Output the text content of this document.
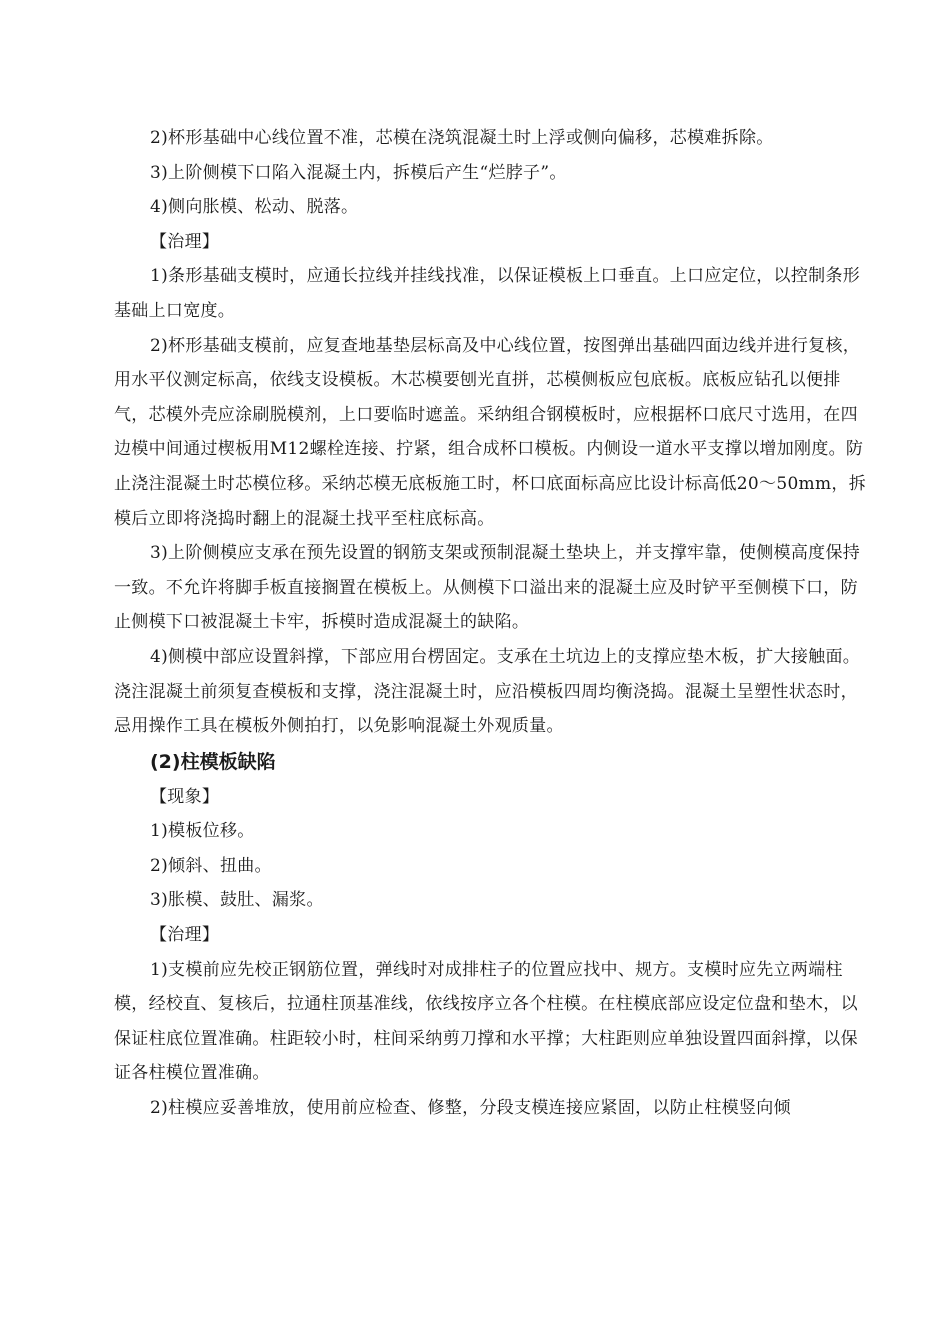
2)杯形基础中心线位置不准，芯模在浇筑混凝土时上浮或侧向偏移，芯模难拆除。

3)上阶侧模下口陷入混凝土内，拆模后产生“烂脖子”。

4)侧向胀模、松动、脱落。

【治理】

1)条形基础支模时，应通长拉线并挂线找准，以保证模板上口垂直。上口应定位，以控制条形基础上口宽度。

2)杯形基础支模前，应复查地基垫层标高及中心线位置，按图弹出基础四面边线并进行复核，用水平仪测定标高，依线支设模板。木芯模要刨光直拼，芯模侧板应包底板。底板应钻孔以便排气，芯模外壳应涂刷脱模剂，上口要临时遮盖。采纳组合钢模板时，应根据杯口底尺寸选用，在四边模中间通过楔板用M12螺栓连接、拧紧，组合成杯口模板。内侧设一道水平支撑以增加刚度。防止浇注混凝土时芯模位移。采纳芯模无底板施工时，杯口底面标高应比设计标高低20～50mm，拆模后立即将浇捣时翻上的混凝土找平至柱底标高。

3)上阶侧模应支承在预先设置的钢筋支架或预制混凝土垫块上，并支撑牢靠，使侧模高度保持一致。不允许将脚手板直接搁置在模板上。从侧模下口溢出来的混凝土应及时铲平至侧模下口，防止侧模下口被混凝土卡牢，拆模时造成混凝土的缺陷。

4)侧模中部应设置斜撑，下部应用台楞固定。支承在土坑边上的支撑应垫木板，扩大接触面。浇注混凝土前须复查模板和支撑，浇注混凝土时，应沿模板四周均衡浇捣。混凝土呈塑性状态时，忌用操作工具在模板外侧拍打，以免影响混凝土外观质量。

(2)柱模板缺陷

【现象】

1)模板位移。

2)倾斜、扭曲。

3)胀模、鼓肚、漏浆。

【治理】

1)支模前应先校正钢筋位置，弹线时对成排柱子的位置应找中、规方。支模时应先立两端柱模，经校直、复核后，拉通柱顶基准线，依线按序立各个柱模。在柱模底部应设定位盘和垫木，以保证柱底位置准确。柱距较小时，柱间采纳剪刀撑和水平撑；大柱距则应单独设置四面斜撑，以保证各柱模位置准确。

2)柱模应妥善堆放，使用前应检查、修整，分段支模连接应紧固，以防止柱模竖向倾
